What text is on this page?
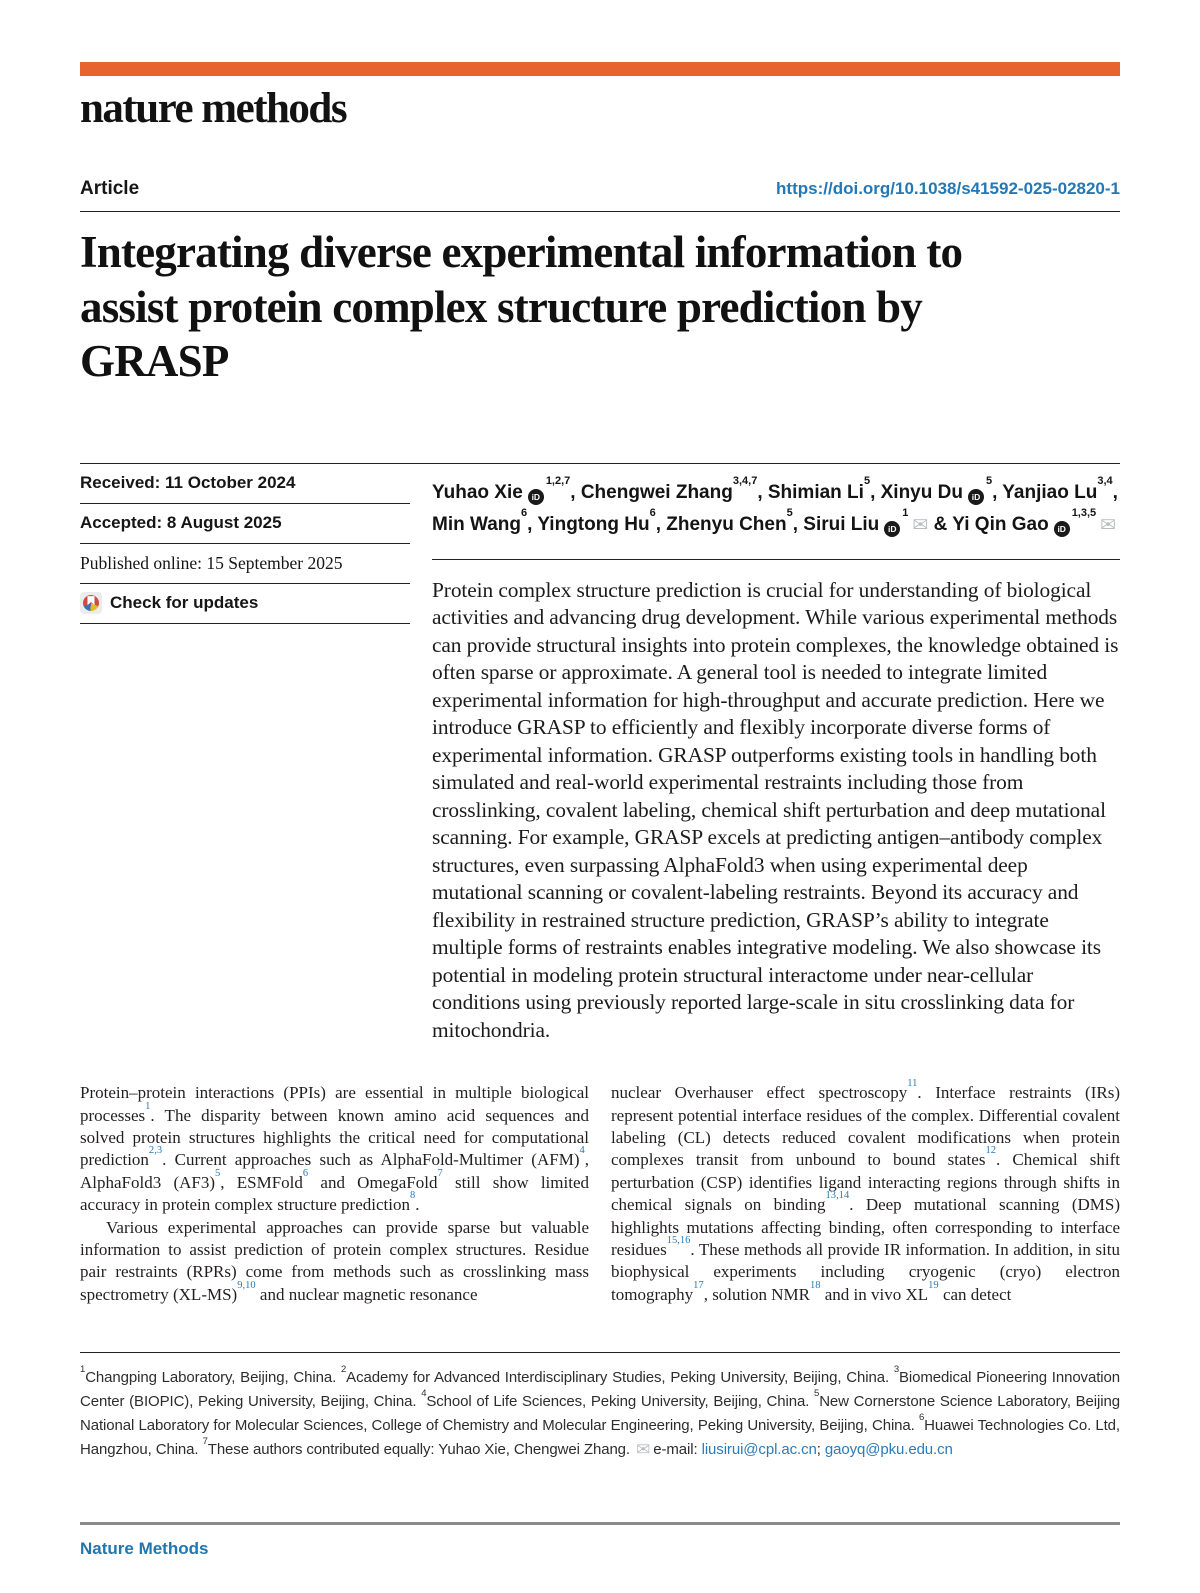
nature methods
Article	https://doi.org/10.1038/s41592-025-02820-1
Integrating diverse experimental information to assist protein complex structure prediction by GRASP
Received: 11 October 2024
Accepted: 8 August 2025
Published online: 15 September 2025
Check for updates
Yuhao Xie iD$^{1,2,7}$, Chengwei Zhang$^{3,4,7}$, Shimian Li$^5$, Xinyu Du $iD^5$, Yanjiao Lu$^{3,4}$, Min Wang$^6$, Yingtong Hu$^6$, Zhenyu Chen$^5$, Sirui Liu $iD^1✉$ & Yi Qin Gao iD$^{1,3,5}$✉
Protein complex structure prediction is crucial for understanding of biological activities and advancing drug development. While various experimental methods can provide structural insights into protein complexes, the knowledge obtained is often sparse or approximate. A general tool is needed to integrate limited experimental information for high-throughput and accurate prediction. Here we introduce GRASP to efficiently and flexibly incorporate diverse forms of experimental information. GRASP outperforms existing tools in handling both simulated and real-world experimental restraints including those from crosslinking, covalent labeling, chemical shift perturbation and deep mutational scanning. For example, GRASP excels at predicting antigen–antibody complex structures, even surpassing AlphaFold3 when using experimental deep mutational scanning or covalent-labeling restraints. Beyond its accuracy and flexibility in restrained structure prediction, GRASP’s ability to integrate multiple forms of restraints enables integrative modeling. We also showcase its potential in modeling protein structural interactome under near-cellular conditions using previously reported large-scale in situ crosslinking data for mitochondria.

Protein–protein interactions (PPIs) are essential in multiple biological processes$^1$. The disparity between known amino acid sequences and solved protein structures highlights the critical need for computational prediction$^{2,3}$. Current approaches such as AlphaFold-Multimer (AFM)$^4$, AlphaFold3 $(AF3)^5$, ESMFold$^6$ and OmegaFold$^7$ still show limited accuracy in protein complex structure prediction$^8$.

Various experimental approaches can provide sparse but valuable information to assist prediction of protein complex structures. Residue pair restraints (RPRs) come from methods such as crosslinking mass spectrometry $(XL-MS)^{9,10}$ and nuclear magnetic resonance

nuclear Overhauser effect spectroscopy$^{11}$. Interface restraints (IRs) represent potential interface residues of the complex. Differential covalent labeling (CL) detects reduced covalent modifications when protein complexes transit from unbound to bound states$^{12}$. Chemical shift perturbation (CSP) identifies ligand interacting regions through shifts in chemical signals on binding$^{13,14}$. Deep mutational scanning (DMS) highlights mutations affecting binding, often corresponding to interface residues$^{15,16}$. These methods all provide IR information. In addition, in situ biophysical experiments including cryogenic (cryo) electron tomography$^{17}$, solution NMR$^{18}$ and in vivo XL$^{19}$ can detect

$^1$Changping Laboratory, Beijing, China. $^2$Academy for Advanced Interdisciplinary Studies, Peking University, Beijing, China. $^3$Biomedical Pioneering Innovation Center (BIOPIC), Peking University, Beijing, China. $^4$School of Life Sciences, Peking University, Beijing, China. $^5$New Cornerstone Science Laboratory, Beijing National Laboratory for Molecular Sciences, College of Chemistry and Molecular Engineering, Peking University, Beijing, China. $^6$Huawei Technologies Co. Ltd, Hangzhou, China. $^7$These authors contributed equally: Yuhao Xie, Chengwei Zhang. ✉ e-mail: liusirui@cpl.ac.cn; gaoyq@pku.edu.cn
Nature Methods
